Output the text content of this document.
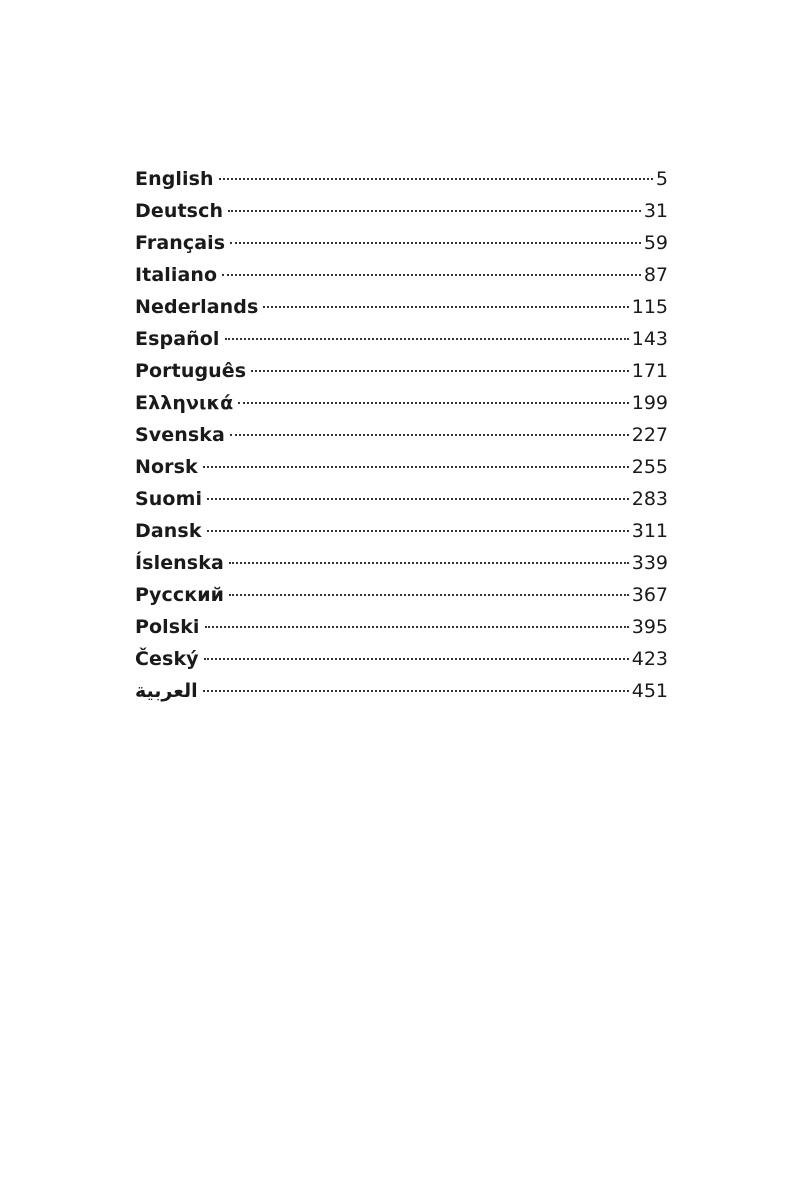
English	5
Deutsch	31
Français	59
Italiano	87
Nederlands	115
Español	143
Português	171
Ελληνικά	199
Svenska	227
Norsk	255
Suomi	283
Dansk	311
Íslenska	339
Русский	367
Polski	395
Český	423
العربية	451
